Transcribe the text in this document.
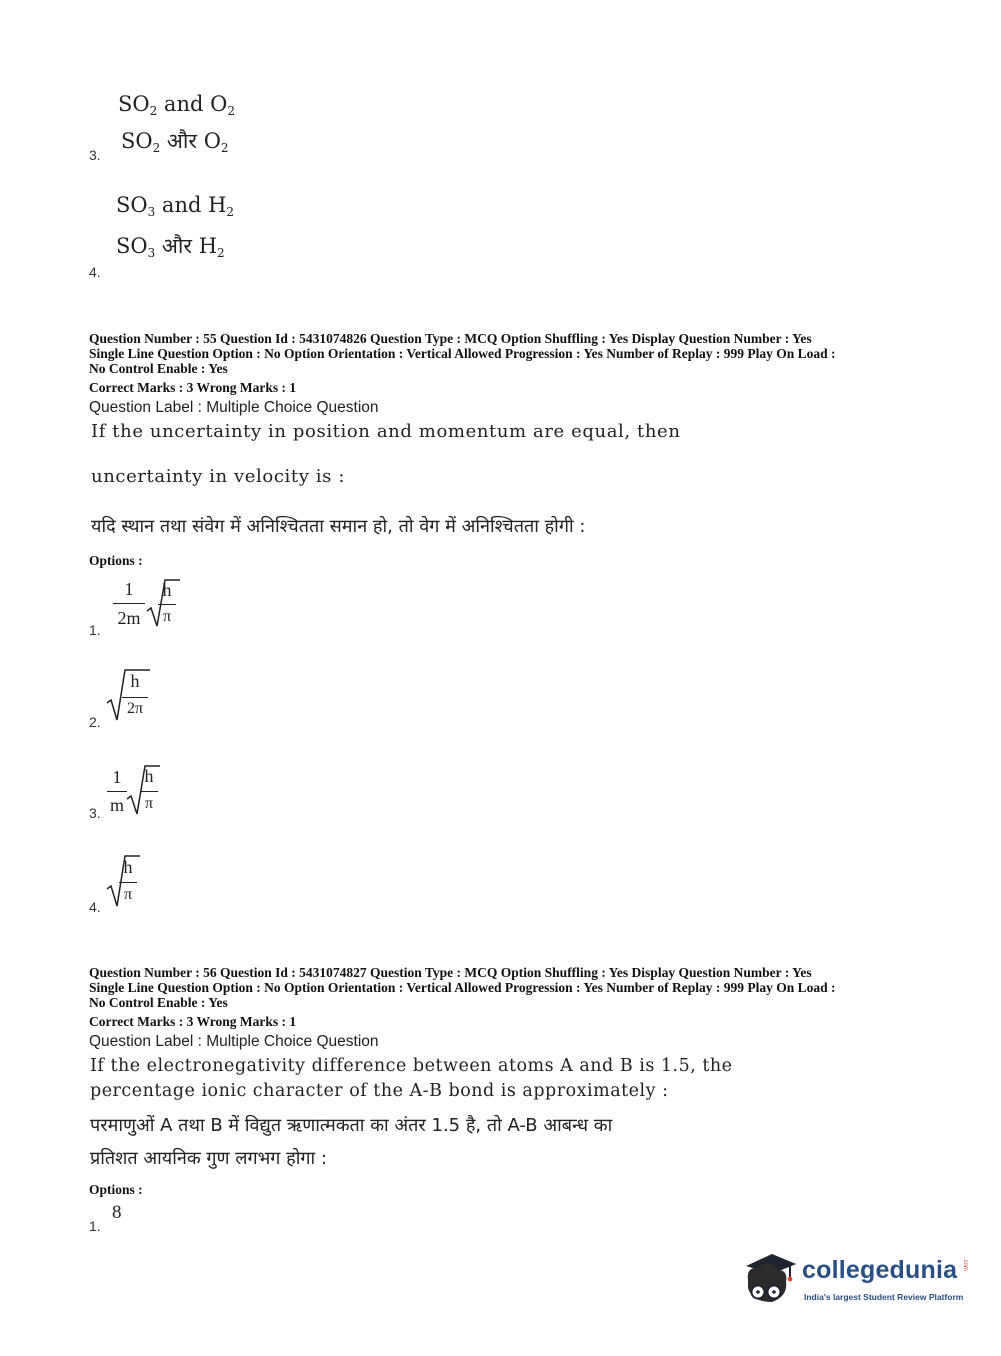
$SO_2$ and $O_2$
$SO_2$ और $O_2$
3.
$SO_3$ and $H_2$
$SO_3$ और $H_2$
4.
Question Number : 55 Question Id : 5431074826 Question Type : MCQ Option Shuffling : Yes Display Question Number : Yes
Single Line Question Option : No Option Orientation : Vertical Allowed Progression : Yes Number of Replay : 999 Play On Load :
No Control Enable : Yes
Correct Marks : 3 Wrong Marks : 1
Question Label : Multiple Choice Question
If the uncertainty in position and momentum are equal, then
uncertainty in velocity is :
यदि स्थान तथा संवेग में अनिश्चितता समान हो, तो वेग में अनिश्चितता होगी :
Options :
1.
1
2m
h
π
2.
h
2π
3.
1
m
h
π
4.
h
π
Question Number : 56 Question Id : 5431074827 Question Type : MCQ Option Shuffling : Yes Display Question Number : Yes
Single Line Question Option : No Option Orientation : Vertical Allowed Progression : Yes Number of Replay : 999 Play On Load :
No Control Enable : Yes
Correct Marks : 3 Wrong Marks : 1
Question Label : Multiple Choice Question
If the electronegativity difference between atoms A and B is 1.5, the
percentage ionic character of the A-B bond is approximately :
परमाणुओं A तथा B में विद्युत ऋणात्मकता का अंतर 1.5 है, तो A-B आबन्ध का
प्रतिशत आयनिक गुण लगभग होगा :
Options :
1.
8
collegedunia .com
India's largest Student Review Platform
